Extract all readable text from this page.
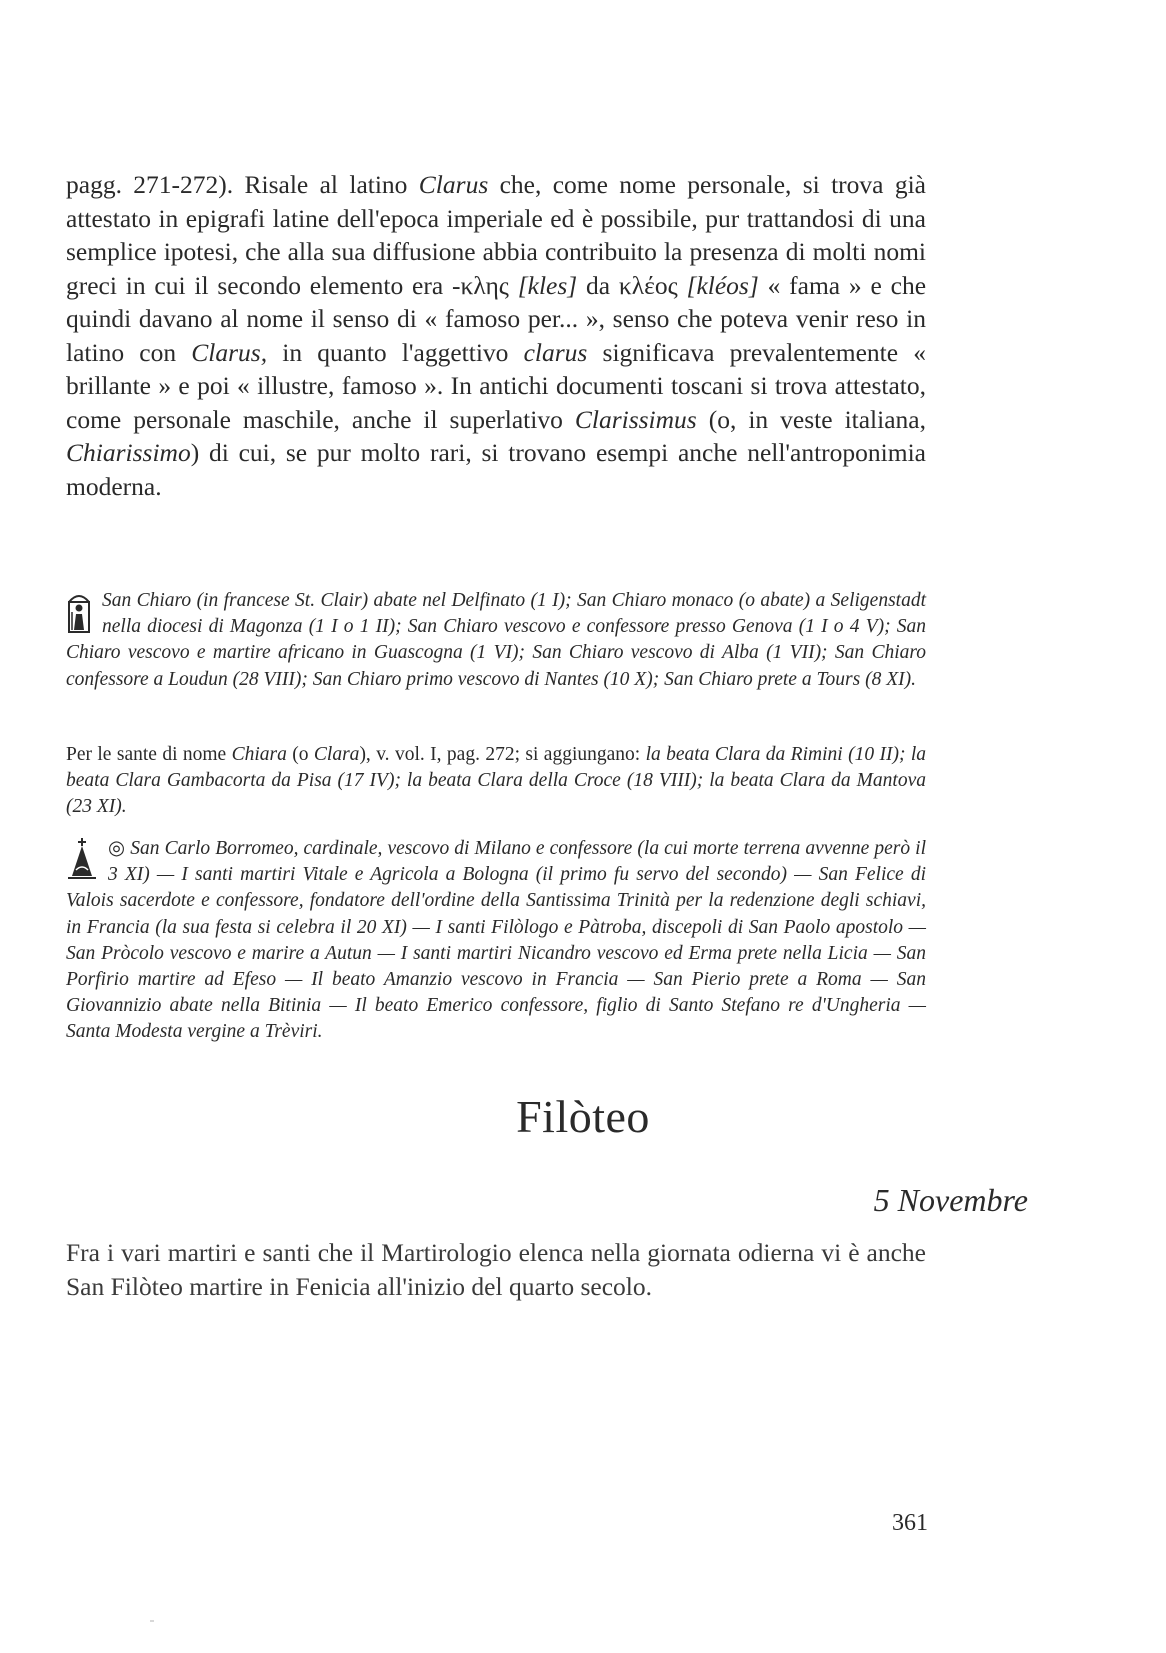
pagg. 271-272). Risale al latino Clarus che, come nome personale, si trova già attestato in epigrafi latine dell'epoca imperiale ed è possibile, pur trattandosi di una semplice ipotesi, che alla sua diffusione abbia contribuito la presenza di molti nomi greci in cui il secondo elemento era -κλης [kles] da κλέος [kléos] « fama » e che quindi davano al nome il senso di « famoso per... », senso che poteva venir reso in latino con Clarus, in quanto l'aggettivo clarus significava prevalentemente « brillante » e poi « illustre, famoso ». In antichi documenti toscani si trova attestato, come personale maschile, anche il superlativo Clarissimus (o, in veste italiana, Chiarissimo) di cui, se pur molto rari, si trovano esempi anche nell'antroponimia moderna.

San Chiaro (in francese St. Clair) abate nel Delfinato (1 I); San Chiaro monaco (o abate) a Seligenstadt nella diocesi di Magonza (1 I o 1 II); San Chiaro vescovo e confessore presso Genova (1 I o 4 V); San Chiaro vescovo e martire africano in Guascogna (1 VI); San Chiaro vescovo di Alba (1 VII); San Chiaro confessore a Loudun (28 VIII); San Chiaro primo vescovo di Nantes (10 X); San Chiaro prete a Tours (8 XI).
Per le sante di nome Chiara (o Clara), v. vol. I, pag. 272; si aggiungano: la beata Clara da Rimini (10 II); la beata Clara Gambacorta da Pisa (17 IV); la beata Clara della Croce (18 VIII); la beata Clara da Mantova (23 XI).
◎ San Carlo Borromeo, cardinale, vescovo di Milano e confessore (la cui morte terrena avvenne però il 3 XI) — I santi martiri Vitale e Agricola a Bologna (il primo fu servo del secondo) — San Felice di Valois sacerdote e confessore, fondatore dell'ordine della Santissima Trinità per la redenzione degli schiavi, in Francia (la sua festa si celebra il 20 XI) — I santi Filòlogo e Pàtroba, discepoli di San Paolo apostolo — San Pròcolo vescovo e marire a Autun — I santi martiri Nicandro vescovo ed Erma prete nella Licia — San Porfirio martire ad Efeso — Il beato Amanzio vescovo in Francia — San Pierio prete a Roma — San Giovannizio abate nella Bitinia — Il beato Emerico confessore, figlio di Santo Stefano re d'Ungheria — Santa Modesta vergine a Trèviri.
Filòteo
5 Novembre

Fra i vari martiri e santi che il Martirologio elenca nella giornata odierna vi è anche San Filòteo martire in Fenicia all'inizio del quarto secolo.

361
